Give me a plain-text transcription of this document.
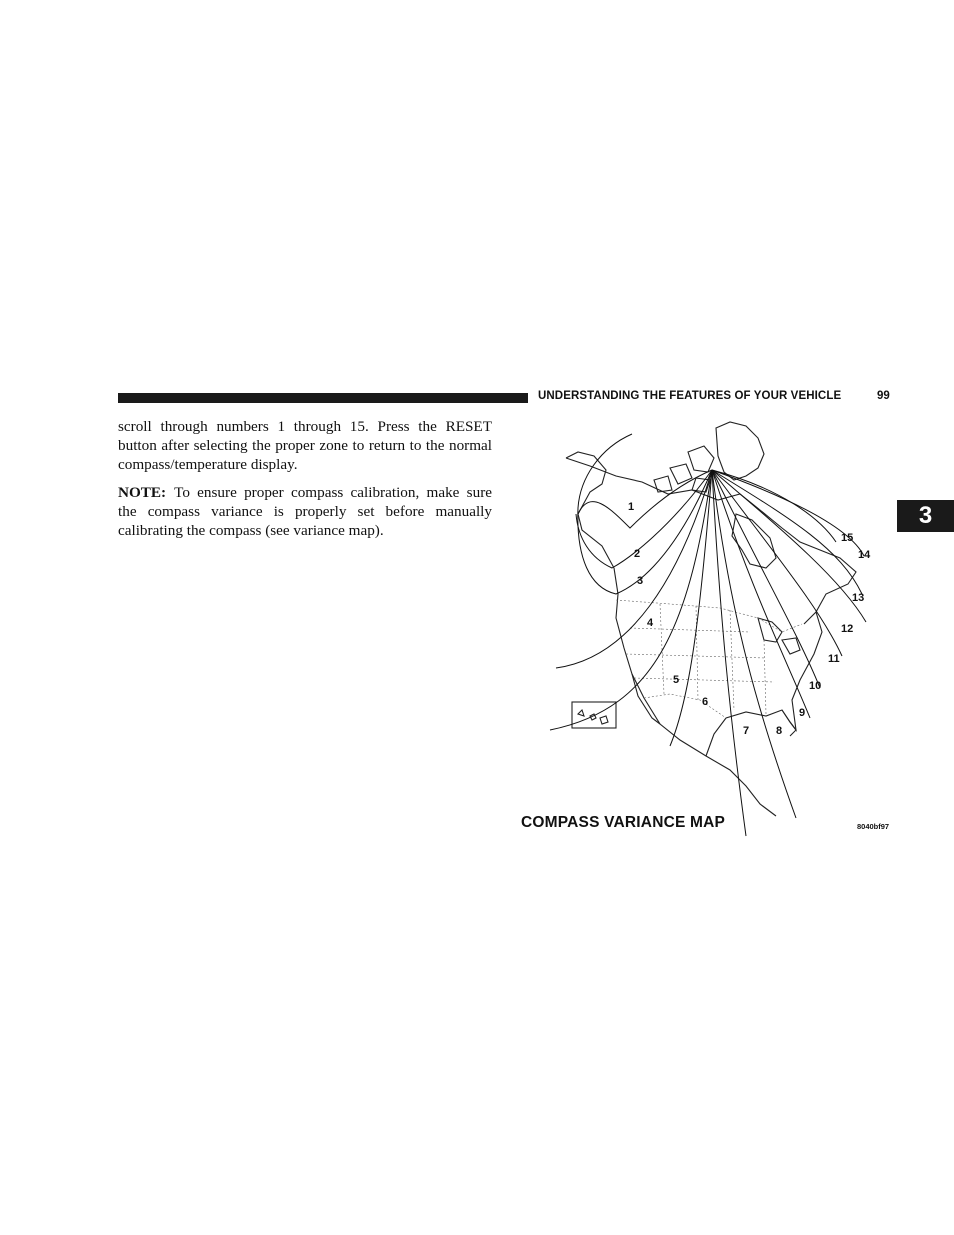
UNDERSTANDING THE FEATURES OF YOUR VEHICLE	99
3

scroll through numbers 1 through 15. Press the RESET button after selecting the proper zone to return to the normal compass/temperature display.

NOTE: To ensure proper compass calibration, make sure the compass variance is properly set before manually calibrating the compass (see variance map).

1
2
3
4
5
6
7 8
9
10
11
12
13
14
15
COMPASS VARIANCE MAP	8040bf97
